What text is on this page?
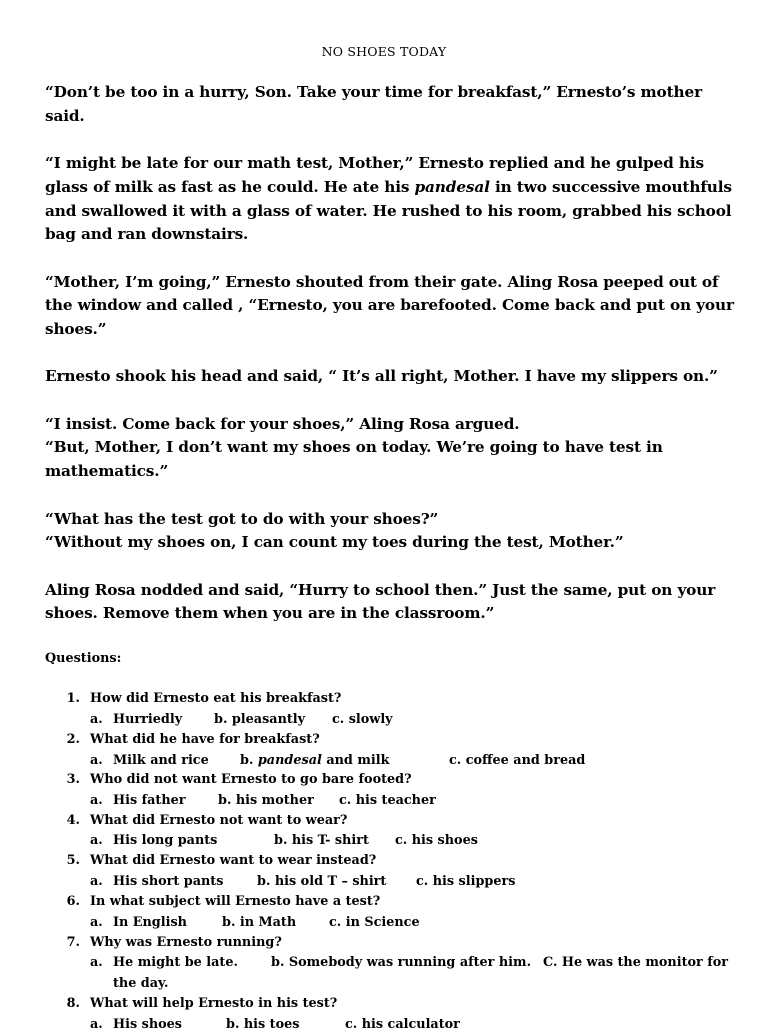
NO SHOES TODAY

“Don’t be too in a hurry, Son. Take your time for breakfast,” Ernesto’s mother said.

“I might be late for our math test, Mother,” Ernesto replied and he gulped his glass of milk as fast as he could. He ate his pandesal in two successive mouthfuls and swallowed it with a glass of water. He rushed to his room, grabbed his school bag and ran downstairs.

“Mother, I’m going,” Ernesto shouted from their gate. Aling Rosa peeped out of the window and called , “Ernesto, you are barefooted. Come back and put on your shoes.”

Ernesto shook his head and said, “ It’s all right, Mother. I have my slippers on.”

“I insist. Come back for your shoes,” Aling Rosa argued.

“But, Mother, I don’t want my shoes on today. We’re going to have test in mathematics.”

“What has the test got to do with your shoes?”

“Without my shoes on, I can count my toes during the test, Mother.”

Aling Rosa nodded and said, “Hurry to school then.” Just the same, put on your shoes. Remove them when you are in the classroom.”

Questions:
1. How did Ernesto eat his breakfast?
a. Hurriedly b. pleasantly c. slowly
2. What did he have for breakfast?
a. Milk and rice b. pandesal and milk	c. coffee and bread
3. Who did not want Ernesto to go bare footed?
a. His father	b. his mother c. his teacher
4. What did Ernesto not want to wear?
a. His long pants	b. his T- shirt c. his shoes
5. What did Ernesto want to wear instead?
a. His short pants	b. his old T – shirt c. his slippers
6. In what subject will Ernesto have a test?
a. In English	b. in Math	c. in Science
7. Why was Ernesto running?
a. He might be late.	b. Somebody was running after him. C. He was the monitor for
the day.
8. What will help Ernesto in his test?
a. His shoes	b. his toes	c. his calculator
